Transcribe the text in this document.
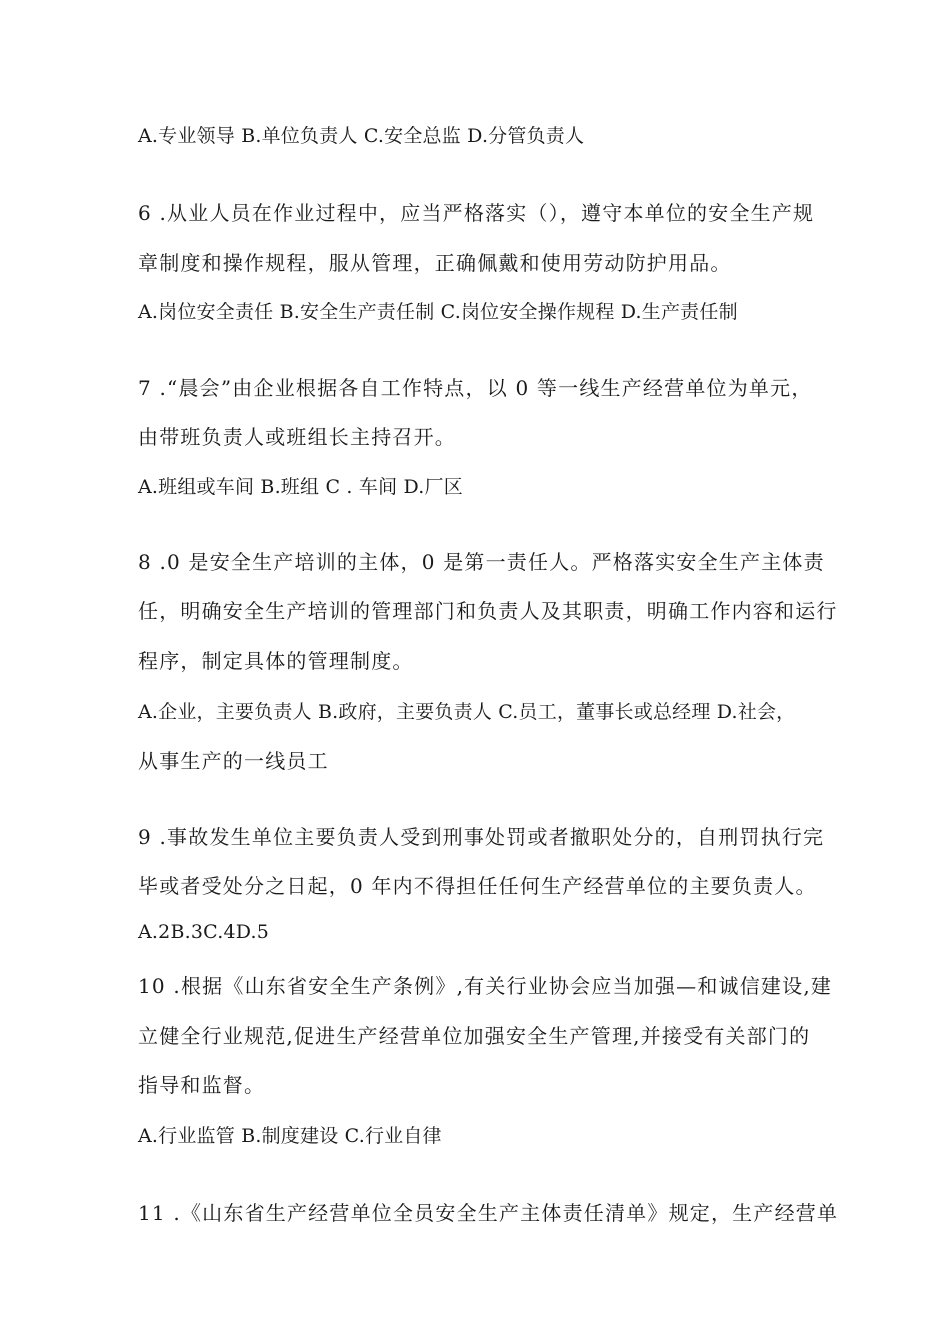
A.专业领导 B.单位负责人 C.安全总监 D.分管负责人
6 .从业人员在作业过程中，应当严格落实（），遵守本单位的安全生产规
章制度和操作规程，服从管理，正确佩戴和使用劳动防护用品。
A.岗位安全责任 B.安全生产责任制 C.岗位安全操作规程 D.生产责任制
7 .“晨会”由企业根据各自工作特点，以 0 等一线生产经营单位为单元，
由带班负责人或班组长主持召开。
A.班组或车间 B.班组 C . 车间 D.厂区
8 .0 是安全生产培训的主体，0 是第一责任人。严格落实安全生产主体责
任，明确安全生产培训的管理部门和负责人及其职责，明确工作内容和运行
程序，制定具体的管理制度。
A.企业，主要负责人 B.政府，主要负责人 C.员工，董事长或总经理 D.社会，
从事生产的一线员工
9 .事故发生单位主要负责人受到刑事处罚或者撤职处分的，自刑罚执行完
毕或者受处分之日起，0 年内不得担任任何生产经营单位的主要负责人。
A.2B.3C.4D.5
10 .根据《山东省安全生产条例》,有关行业协会应当加强—和诚信建设,建
立健全行业规范,促进生产经营单位加强安全生产管理,并接受有关部门的
指导和监督。
A.行业监管 B.制度建设 C.行业自律
11 .《山东省生产经营单位全员安全生产主体责任清单》规定，生产经营单
